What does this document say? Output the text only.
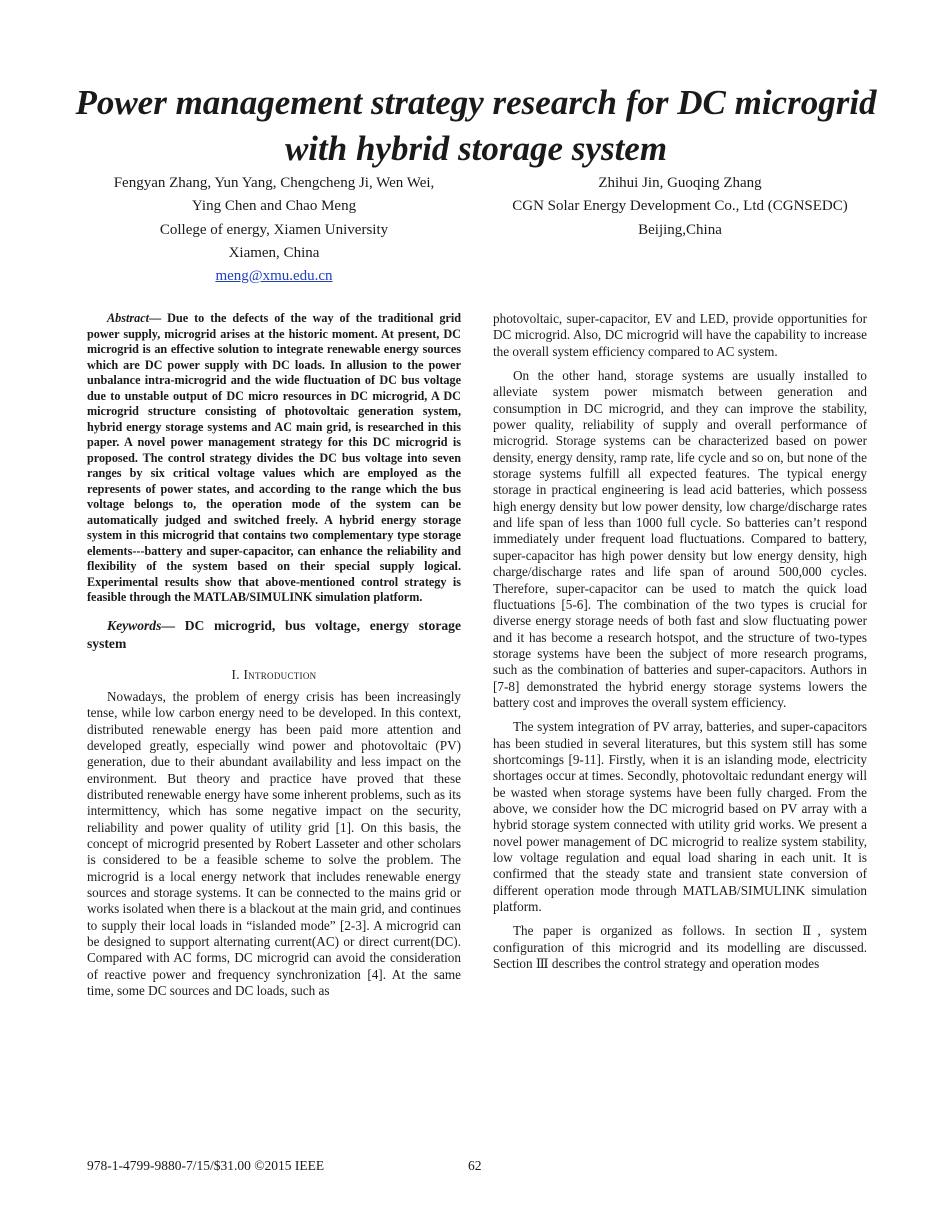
Power management strategy research for DC microgrid with hybrid storage system
Fengyan Zhang, Yun Yang, Chengcheng Ji, Wen Wei,
Ying Chen and Chao Meng
College of energy, Xiamen University
Xiamen, China
meng@xmu.edu.cn
Zhihui Jin, Guoqing Zhang
CGN Solar Energy Development Co., Ltd (CGNSEDC)
Beijing,China

Abstract— Due to the defects of the way of the traditional grid power supply, microgrid arises at the historic moment. At present, DC microgrid is an effective solution to integrate renewable energy sources which are DC power supply with DC loads. In allusion to the power unbalance intra-microgrid and the wide fluctuation of DC bus voltage due to unstable output of DC micro resources in DC microgrid, A DC microgrid structure consisting of photovoltaic generation system, hybrid energy storage systems and AC main grid, is researched in this paper. A novel power management strategy for this DC microgrid is proposed. The control strategy divides the DC bus voltage into seven ranges by six critical voltage values which are employed as the represents of power states, and according to the range which the bus voltage belongs to, the operation mode of the system can be automatically judged and switched freely. A hybrid energy storage system in this microgrid that contains two complementary type storage elements---battery and super-capacitor, can enhance the reliability and flexibility of the system based on their special supply logical. Experimental results show that above-mentioned control strategy is feasible through the MATLAB/SIMULINK simulation platform.

Keywords— DC microgrid, bus voltage, energy storage system

I. Introduction

Nowadays, the problem of energy crisis has been increasingly tense, while low carbon energy need to be developed. In this context, distributed renewable energy has been paid more attention and developed greatly, especially wind power and photovoltaic (PV) generation, due to their abundant availability and less impact on the environment. But theory and practice have proved that these distributed renewable energy have some inherent problems, such as its intermittency, which has some negative impact on the security, reliability and power quality of utility grid [1]. On this basis, the concept of microgrid presented by Robert Lasseter and other scholars is considered to be a feasible scheme to solve the problem. The microgrid is a local energy network that includes renewable energy sources and storage systems. It can be connected to the mains grid or works isolated when there is a blackout at the main grid, and continues to supply their local loads in “islanded mode” [2-3]. A microgrid can be designed to support alternating current(AC) or direct current(DC). Compared with AC forms, DC microgrid can avoid the consideration of reactive power and frequency synchronization [4]. At the same time, some DC sources and DC loads, such as

photovoltaic, super-capacitor, EV and LED, provide opportunities for DC microgrid. Also, DC microgrid will have the capability to increase the overall system efficiency compared to AC system.

On the other hand, storage systems are usually installed to alleviate system power mismatch between generation and consumption in DC microgrid, and they can improve the stability, power quality, reliability of supply and overall performance of microgrid. Storage systems can be characterized based on power density, energy density, ramp rate, life cycle and so on, but none of the storage systems fulfill all expected features. The typical energy storage in practical engineering is lead acid batteries, which possess high energy density but low power density, low charge/discharge rates and life span of less than 1000 full cycle. So batteries can’t respond immediately under frequent load fluctuations. Compared to battery, super-capacitor has high power density but low energy density, high charge/discharge rates and life span of around 500,000 cycles. Therefore, super-capacitor can be used to match the quick load fluctuations [5-6]. The combination of the two types is crucial for diverse energy storage needs of both fast and slow fluctuating power and it has become a research hotspot, and the structure of two-types storage systems have been the subject of more research programs, such as the combination of batteries and super-capacitors. Authors in [7-8] demonstrated the hybrid energy storage systems lowers the battery cost and improves the overall system efficiency.

The system integration of PV array, batteries, and super-capacitors has been studied in several literatures, but this system still has some shortcomings [9-11]. Firstly, when it is an islanding mode, electricity shortages occur at times. Secondly, photovoltaic redundant energy will be wasted when storage systems have been fully charged. From the above, we consider how the DC microgrid based on PV array with a hybrid storage system connected with utility grid works. We present a novel power management of DC microgrid to realize system stability, low voltage regulation and equal load sharing in each unit. It is confirmed that the steady state and transient state conversion of different operation mode through MATLAB/SIMULINK simulation platform.

The paper is organized as follows. In section Ⅱ, system configuration of this microgrid and its modelling are discussed. Section Ⅲ describes the control strategy and operation modes

978-1-4799-9880-7/15/$31.00 ©2015 IEEE	62
